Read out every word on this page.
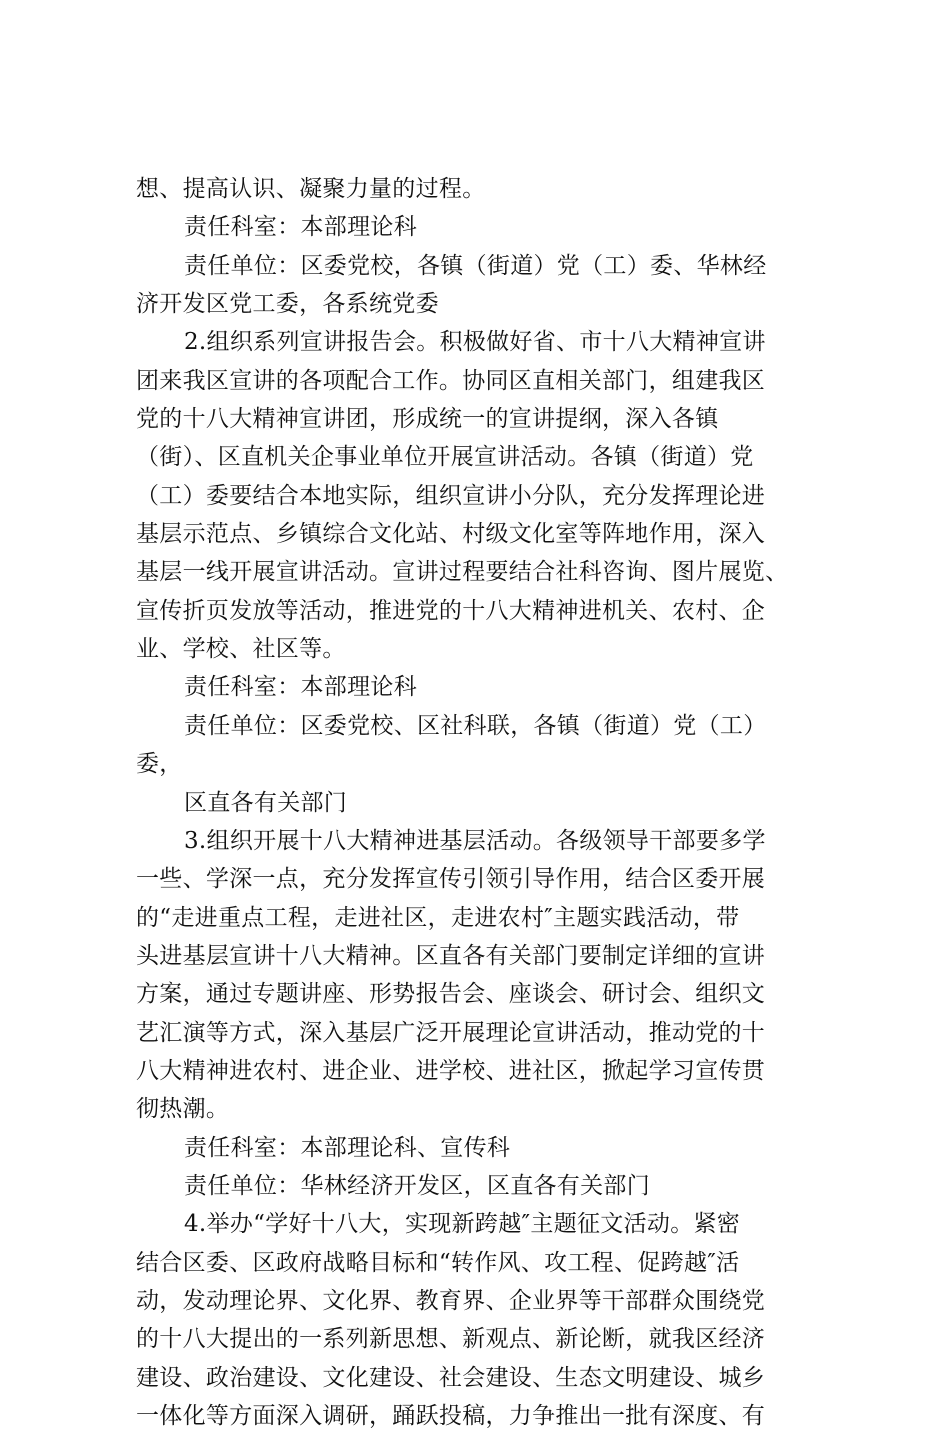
想、提高认识、凝聚力量的过程。
责任科室：本部理论科
责任单位：区委党校，各镇（街道）党（工）委、华林经
济开发区党工委，各系统党委
2.组织系列宣讲报告会。积极做好省、市十八大精神宣讲
团来我区宣讲的各项配合工作。协同区直相关部门，组建我区
党的十八大精神宣讲团，形成统一的宣讲提纲，深入各镇
（街）、区直机关企事业单位开展宣讲活动。各镇（街道）党
（工）委要结合本地实际，组织宣讲小分队，充分发挥理论进
基层示范点、乡镇综合文化站、村级文化室等阵地作用，深入
基层一线开展宣讲活动。宣讲过程要结合社科咨询、图片展览、
宣传折页发放等活动，推进党的十八大精神进机关、农村、企
业、学校、社区等。
责任科室：本部理论科
责任单位：区委党校、区社科联，各镇（街道）党（工）
委，
区直各有关部门
3.组织开展十八大精神进基层活动。各级领导干部要多学
一些、学深一点，充分发挥宣传引领引导作用，结合区委开展
的“走进重点工程，走进社区，走进农村″主题实践活动，带
头进基层宣讲十八大精神。区直各有关部门要制定详细的宣讲
方案，通过专题讲座、形势报告会、座谈会、研讨会、组织文
艺汇演等方式，深入基层广泛开展理论宣讲活动，推动党的十
八大精神进农村、进企业、进学校、进社区，掀起学习宣传贯
彻热潮。
责任科室：本部理论科、宣传科
责任单位：华林经济开发区，区直各有关部门
4.举办“学好十八大，实现新跨越″主题征文活动。紧密
结合区委、区政府战略目标和“转作风、攻工程、促跨越″活
动，发动理论界、文化界、教育界、企业界等干部群众围绕党
的十八大提出的一系列新思想、新观点、新论断，就我区经济
建设、政治建设、文化建设、社会建设、生态文明建设、城乡
一体化等方面深入调研，踊跃投稿，力争推出一批有深度、有
